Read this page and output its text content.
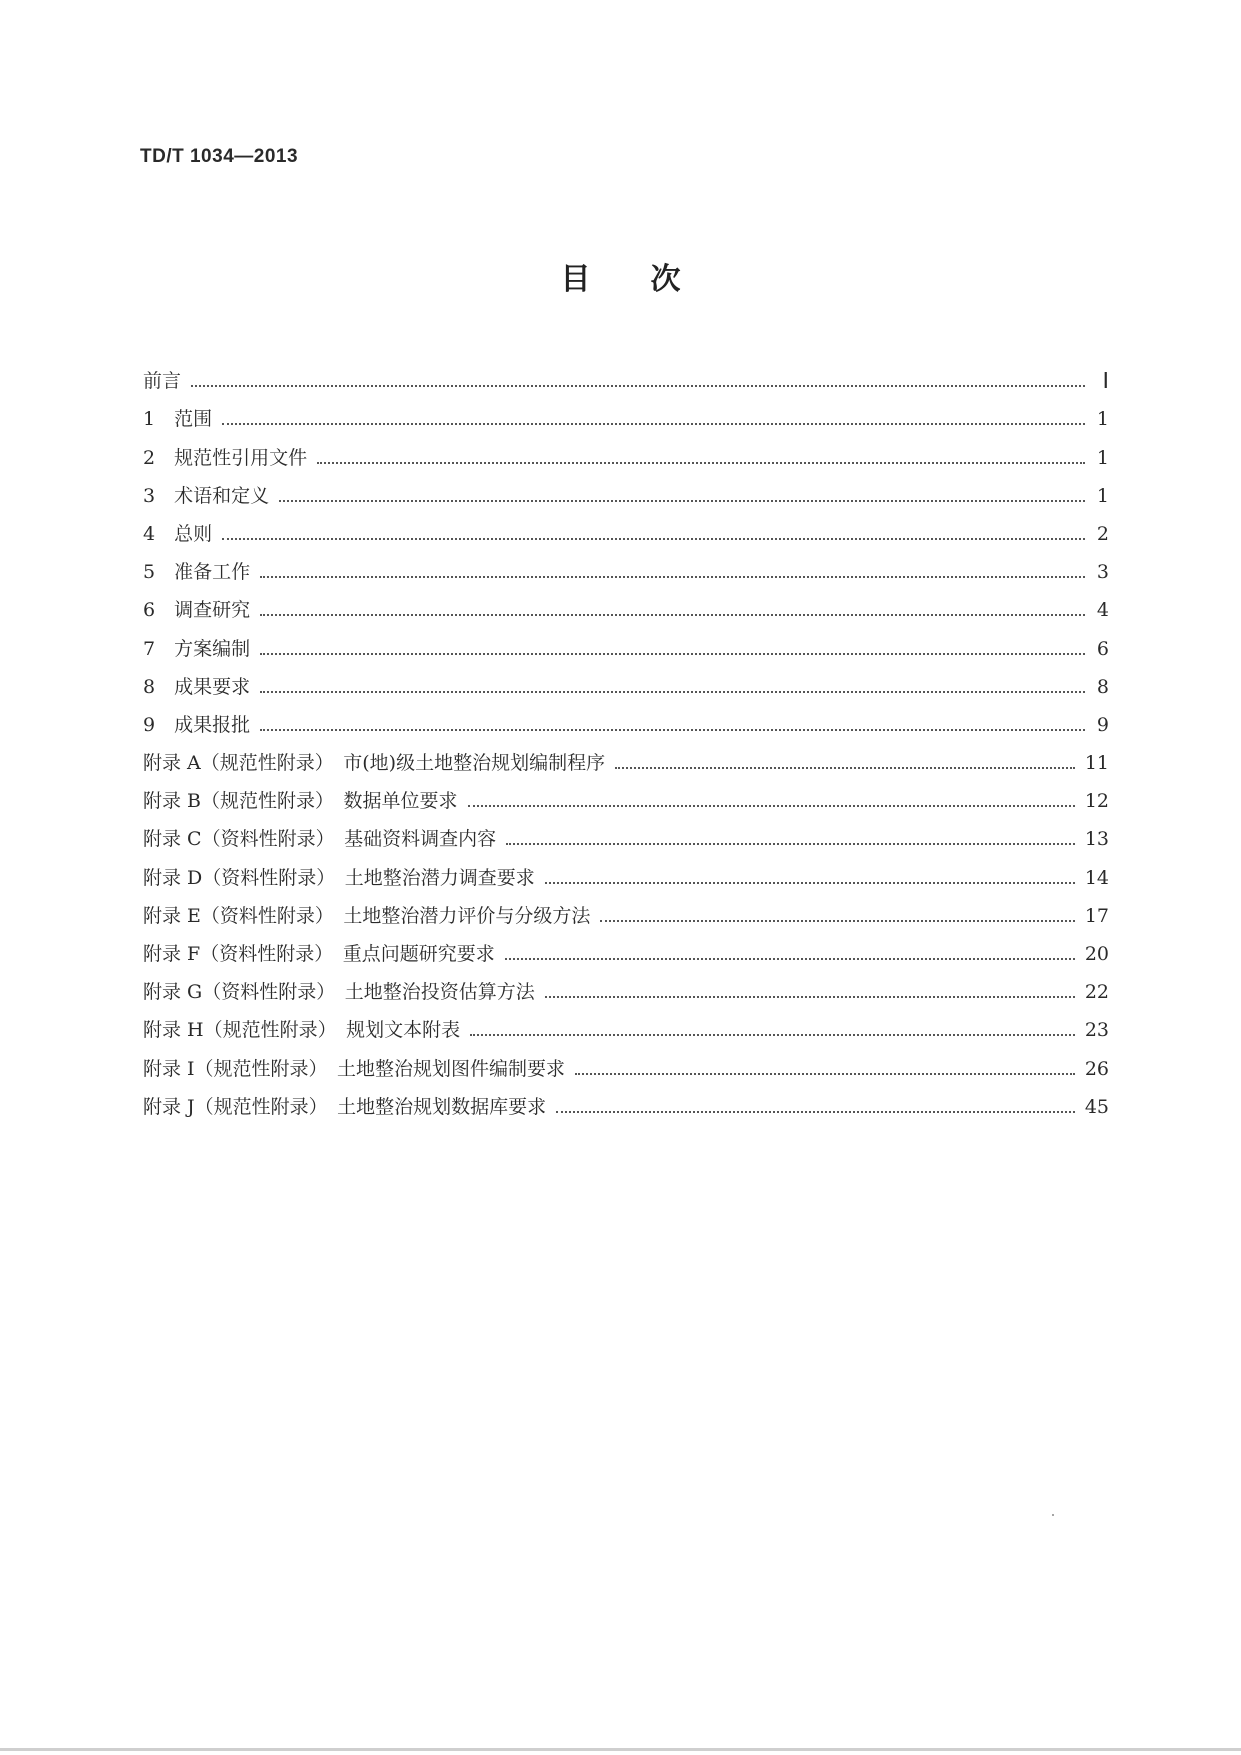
TD/T 1034—2013
目次
前言	Ⅰ
1　范围	1
2　规范性引用文件	1
3　术语和定义	1
4　总则	2
5　准备工作	3
6　调查研究	4
7　方案编制	6
8　成果要求	8
9　成果报批	9
附录 A（规范性附录）　市(地)级土地整治规划编制程序	11
附录 B（规范性附录）　数据单位要求	12
附录 C（资料性附录）　基础资料调查内容	13
附录 D（资料性附录）　土地整治潜力调查要求	14
附录 E（资料性附录）　土地整治潜力评价与分级方法	17
附录 F（资料性附录）　重点问题研究要求	20
附录 G（资料性附录）　土地整治投资估算方法	22
附录 H（规范性附录）　规划文本附表	23
附录 I（规范性附录）　土地整治规划图件编制要求	26
附录 J（规范性附录）　土地整治规划数据库要求	45
